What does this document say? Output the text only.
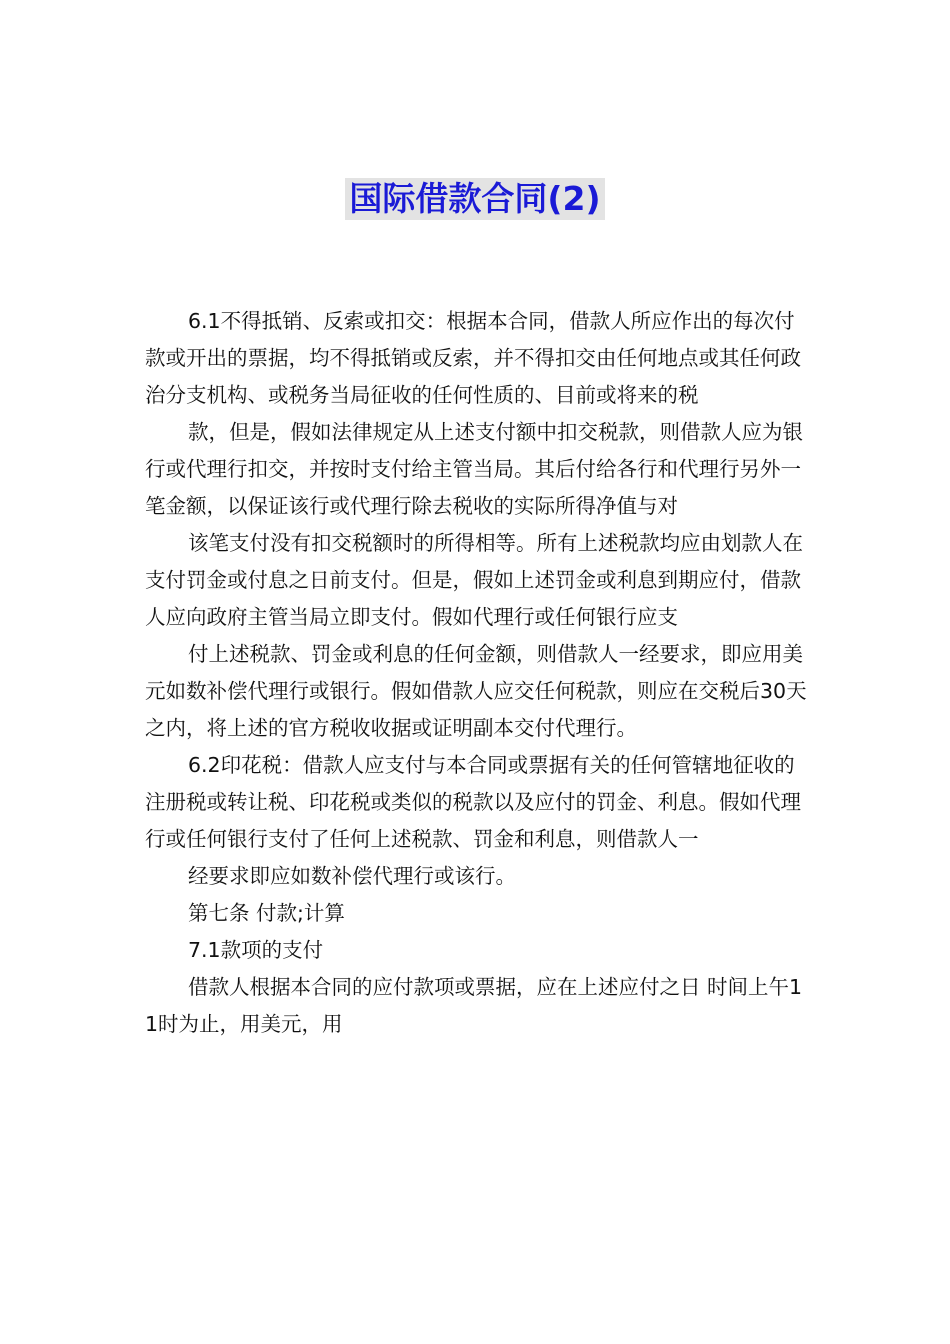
国际借款合同(2)

6.1不得抵销、反索或扣交：根据本合同，借款人所应作出的每次付款或开出的票据，均不得抵销或反索，并不得扣交由任何地点或其任何政治分支机构、或税务当局征收的任何性质的、目前或将来的税

款，但是，假如法律规定从上述支付额中扣交税款，则借款人应为银行或代理行扣交，并按时支付给主管当局。其后付给各行和代理行另外一笔金额，以保证该行或代理行除去税收的实际所得净值与对

该笔支付没有扣交税额时的所得相等。所有上述税款均应由划款人在支付罚金或付息之日前支付。但是，假如上述罚金或利息到期应付，借款人应向政府主管当局立即支付。假如代理行或任何银行应支

付上述税款、罚金或利息的任何金额，则借款人一经要求，即应用美元如数补偿代理行或银行。假如借款人应交任何税款，则应在交税后30天之内，将上述的官方税收收据或证明副本交付代理行。

6.2印花税：借款人应支付与本合同或票据有关的任何管辖地征收的注册税或转让税、印花税或类似的税款以及应付的罚金、利息。假如代理行或任何银行支付了任何上述税款、罚金和利息，则借款人一

经要求即应如数补偿代理行或该行。

第七条 付款;计算

7.1款项的支付

借款人根据本合同的应付款项或票据，应在上述应付之日 时间上午11时为止，用美元，用
